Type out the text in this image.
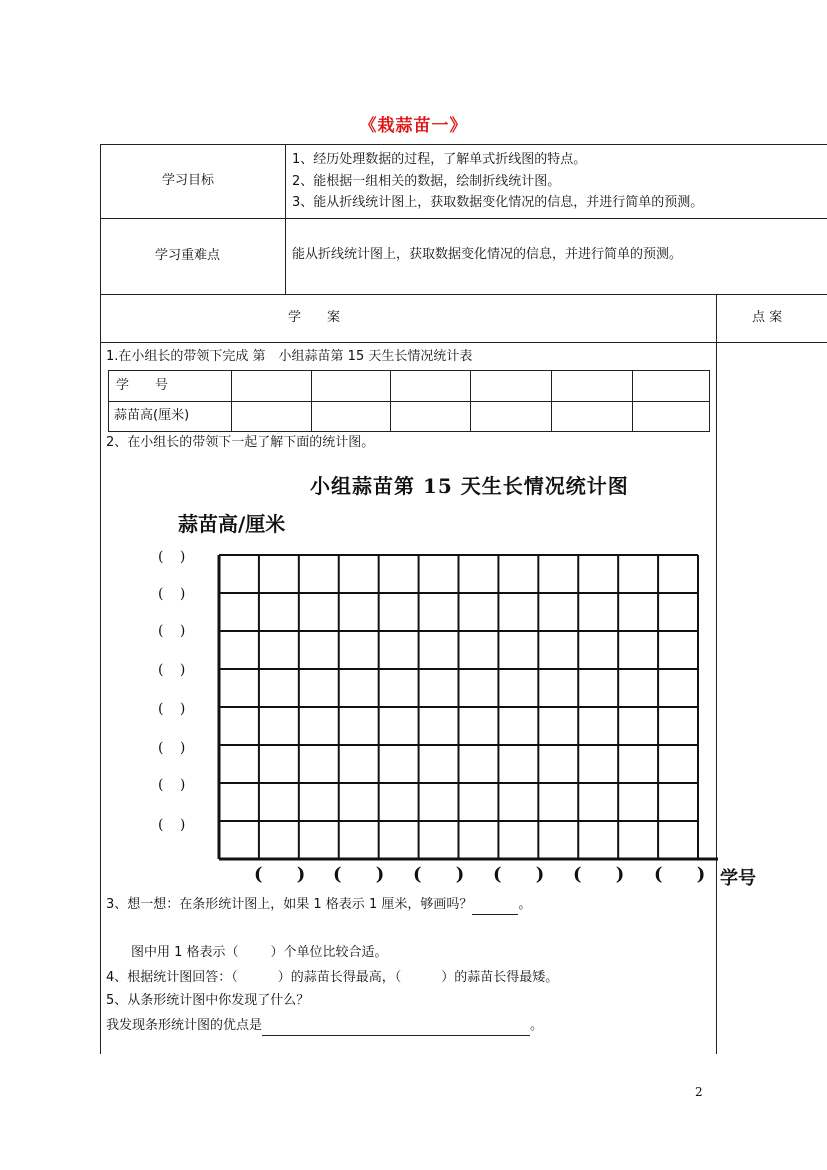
《栽蒜苗一》
学习目标
1、经历处理数据的过程，了解单式折线图的特点。
2、能根据一组相关的数据，绘制折线统计图。
3、能从折线统计图上，获取数据变化情况的信息，并进行简单的预测。
学习重难点	能从折线统计图上，获取数据变化情况的信息，并进行简单的预测。
学　　案	点 案
1.在小组长的带领下完成 第　小组蒜苗第 15 天生长情况统计表
学　　号
蒜苗高(厘米)
2、在小组长的带领下一起了解下面的统计图。
小组蒜苗第 15 天生长情况统计图
蒜苗高/厘米
( )
( )
( )
( )
( )
( )
( )
( )
( ) ( ) ( ) ( ) ( ) ( ) 学号
3、想一想：在条形统计图上，如果 1 格表示 1 厘米，够画吗？	。
图中用 1 格表示（ ）个单位比较合适。
4、根据统计图回答：（	）的蒜苗长得最高，（	）的蒜苗长得最矮。
5、从条形统计图中你发现了什么？
我发现条形统计图的优点是	。
2
